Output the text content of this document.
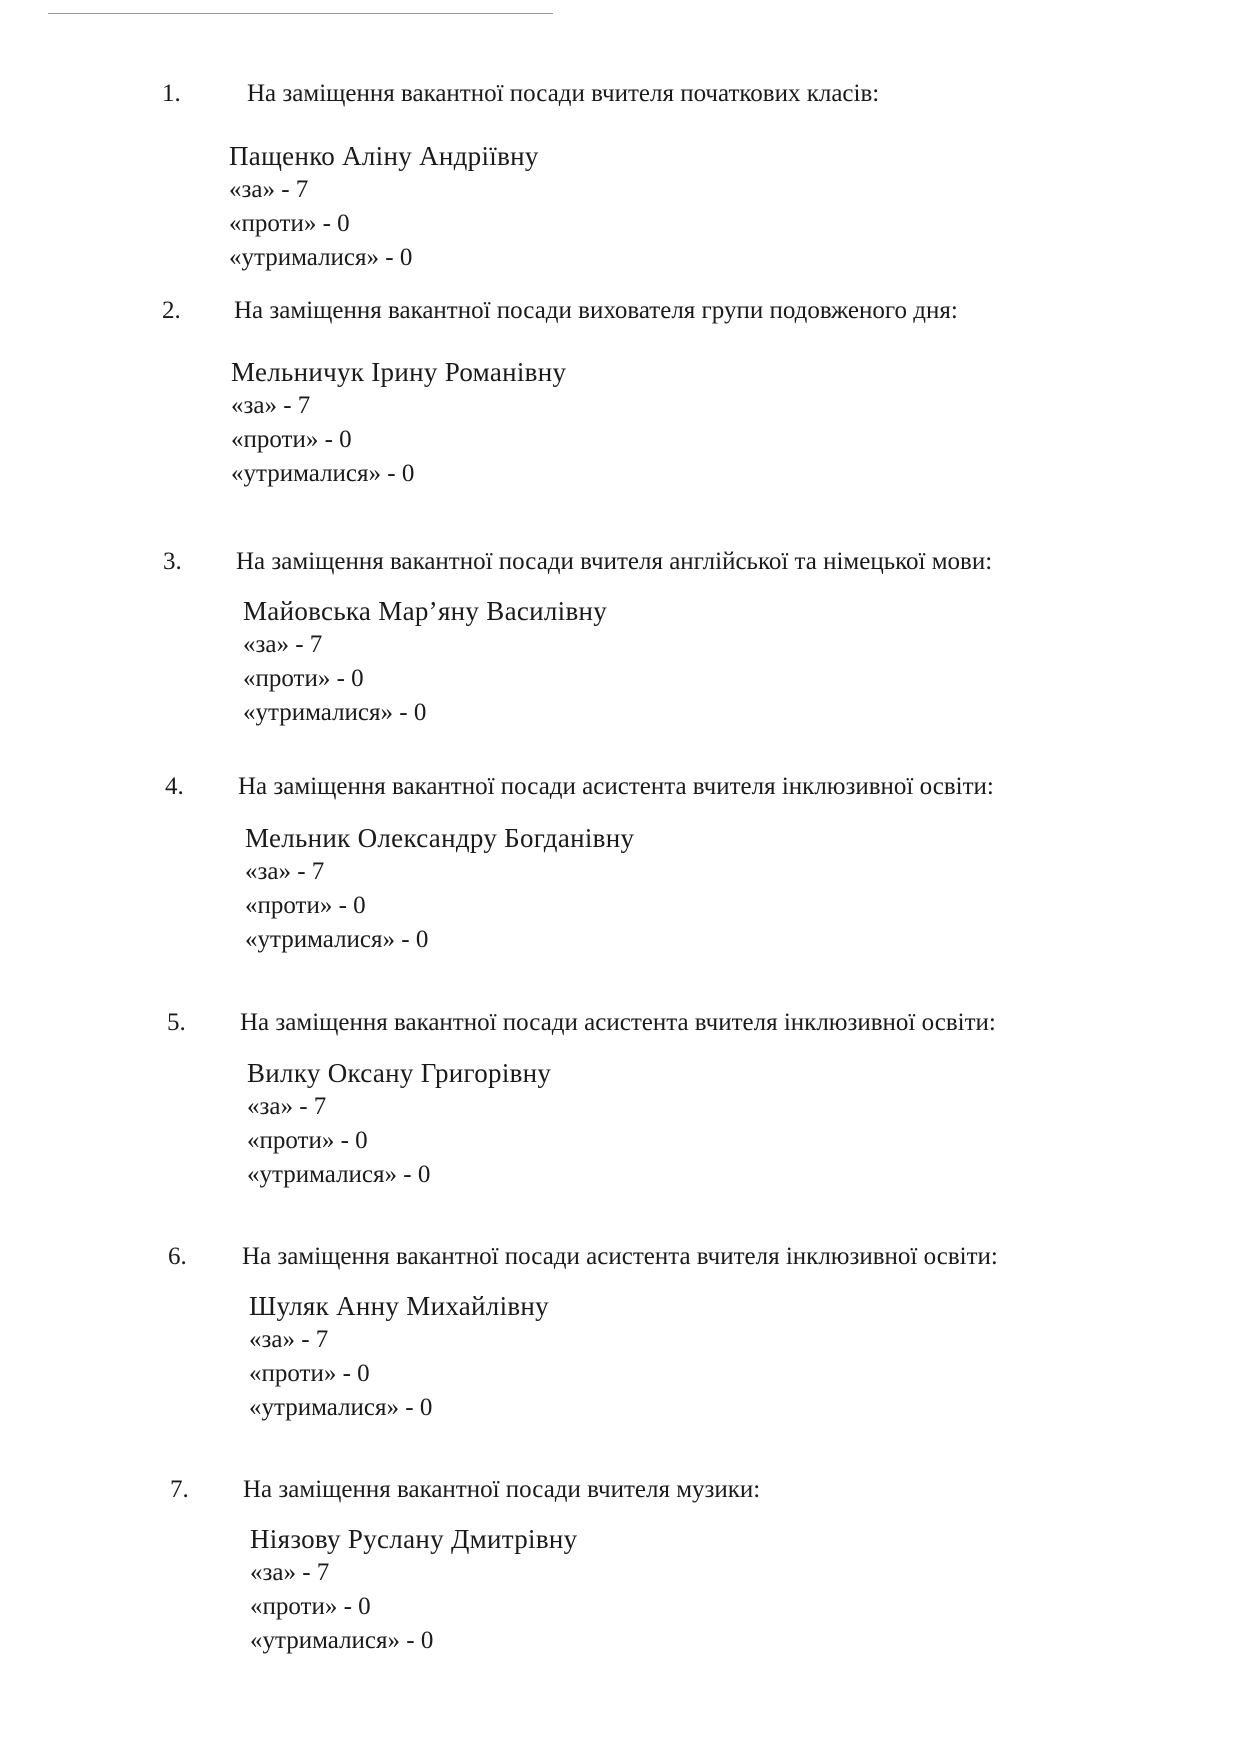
1.	На заміщення вакантної посади вчителя початкових класів:
Пащенко Аліну Андріївну
«за» - 7
«проти» - 0
«утрималися» - 0
2. На заміщення вакантної посади вихователя групи подовженого дня:
Мельничук Ірину Романівну
«за» - 7
«проти» - 0
«утрималися» - 0
3. На заміщення вакантної посади вчителя англійської та німецької мови:
Майовська Мар’яну Василівну
«за» - 7
«проти» - 0
«утрималися» - 0
4. На заміщення вакантної посади асистента вчителя інклюзивної освіти:
Мельник Олександру Богданівну
«за» - 7
«проти» - 0
«утрималися» - 0
5. На заміщення вакантної посади асистента вчителя інклюзивної освіти:
Вилку Оксану Григорівну
«за» - 7
«проти» - 0
«утрималися» - 0
6. На заміщення вакантної посади асистента вчителя інклюзивної освіти:
Шуляк Анну Михайлівну
«за» - 7
«проти» - 0
«утрималися» - 0
7. На заміщення вакантної посади вчителя музики:
Ніязову Руслану Дмитрівну
«за» - 7
«проти» - 0
«утрималися» - 0
